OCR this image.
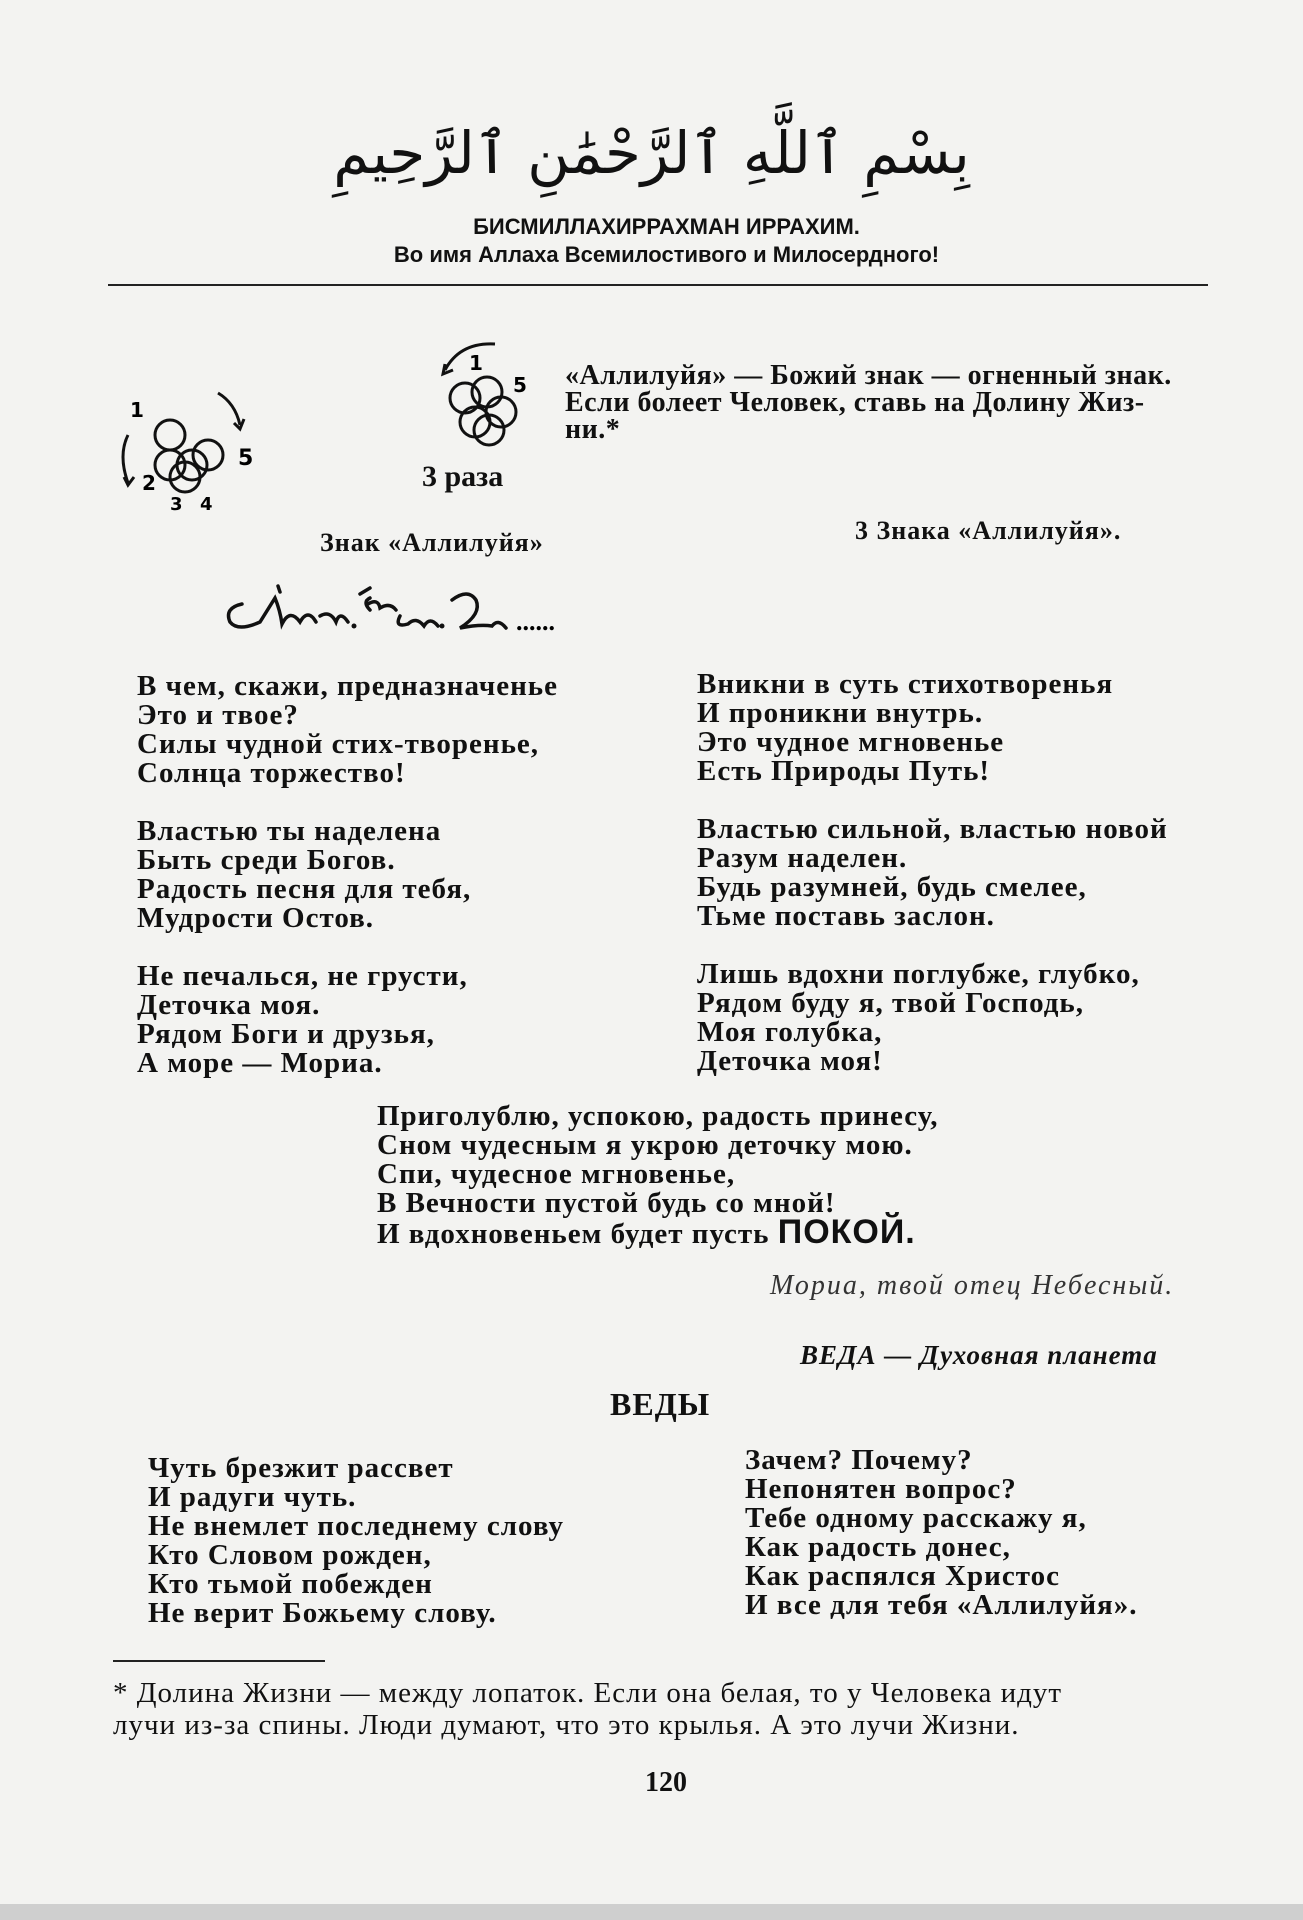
بِسْمِ ٱللَّهِ ٱلرَّحْمَٰنِ ٱلرَّحِيمِ
БИСМИЛЛАХИРРАХМАН ИРРАХИМ.
Во имя Аллаха Всемилостивого и Милосердного!
1
2
3 4
5
1
5
3 раза
«Аллилуйя» — Божий знак — огненный знак.
Если болеет Человек, ставь на Долину Жиз-
ни.*
Знак «Аллилуйя»	3 Знака «Аллилуйя».
......
В чем, скажи, предназначенье
Это и твое?
Силы чудной стих-творенье,
Солнца торжество!
Властью ты наделена
Быть среди Богов.
Радость песня для тебя,
Мудрости Остов.
Не печалься, не грусти,
Деточка моя.
Рядом Боги и друзья,
А море — Мориа.
Вникни в суть стихотворенья
И проникни внутрь.
Это чудное мгновенье
Есть Природы Путь!
Властью сильной, властью новой
Разум наделен.
Будь разумней, будь смелее,
Тьме поставь заслон.
Лишь вдохни поглубже, глубко,
Рядом буду я, твой Господь,
Моя голубка,
Деточка моя!
Приголублю, успокою, радость принесу,
Сном чудесным я укрою деточку мою.
Спи, чудесное мгновенье,
В Вечности пустой будь со мной!
И вдохновеньем будет пусть ПОКОЙ.
Мориа, твой отец Небесный.
ВЕДА — Духовная планета
ВЕДЫ
Чуть брезжит рассвет
И радуги чуть.
Не внемлет последнему слову
Кто Словом рожден,
Кто тьмой побежден
Не верит Божьему слову.
Зачем? Почему?
Непонятен вопрос?
Тебе одному расскажу я,
Как радость донес,
Как распялся Христос
И все для тебя «Аллилуйя».
* Долина Жизни — между лопаток. Если она белая, то у Человека идут
лучи из-за спины. Люди думают, что это крылья. А это лучи Жизни.
120
